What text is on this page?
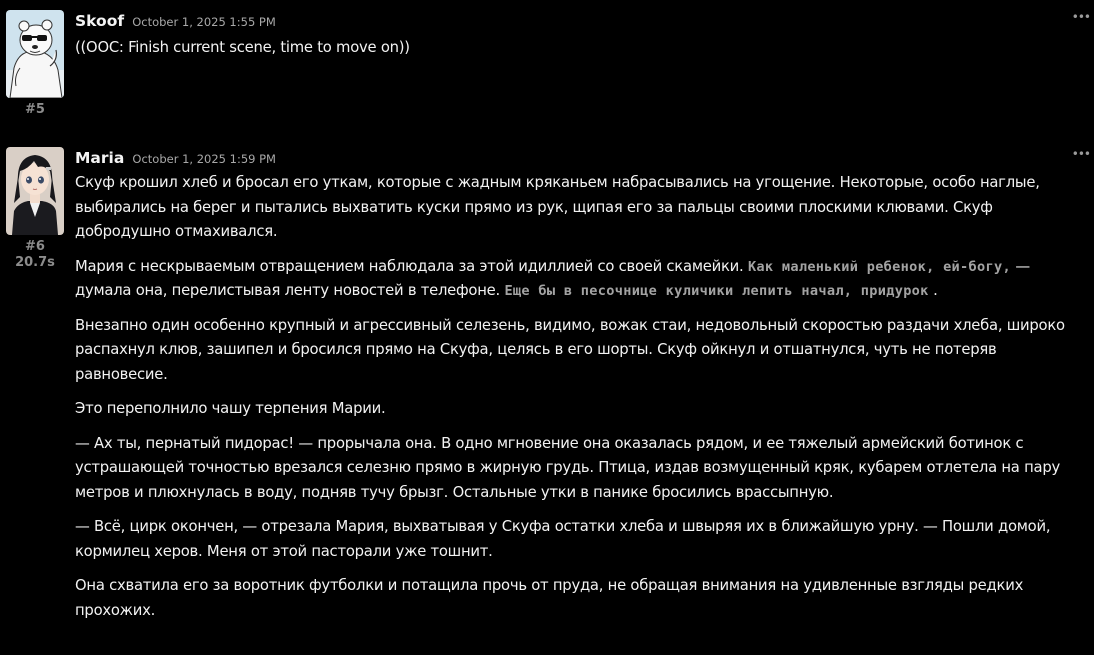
#5
Skoof October 1, 2025 1:55 PM	•••

((OOC: Finish current scene, time to move on))

#6
20.7s
Maria October 1, 2025 1:59 PM	•••

Скуф крошил хлеб и бросал его уткам, которые с жадным кряканьем набрасывались на угощение. Некоторые, особо наглые, выбирались на берег и пытались выхватить куски прямо из рук, щипая его за пальцы своими плоскими клювами. Скуф добродушно отмахивался.

Мария с нескрываемым отвращением наблюдала за этой идиллией со своей скамейки. Как маленький ребенок, ей-богу, — думала она, перелистывая ленту новостей в телефоне. Еще бы в песочнице куличики лепить начал, придурок .

Внезапно один особенно крупный и агрессивный селезень, видимо, вожак стаи, недовольный скоростью раздачи хлеба, широко распахнул клюв, зашипел и бросился прямо на Скуфа, целясь в его шорты. Скуф ойкнул и отшатнулся, чуть не потеряв равновесие.

Это переполнило чашу терпения Марии.

— Ах ты, пернатый пидорас! — прорычала она. В одно мгновение она оказалась рядом, и ее тяжелый армейский ботинок с устрашающей точностью врезался селезню прямо в жирную грудь. Птица, издав возмущенный кряк, кубарем отлетела на пару метров и плюхнулась в воду, подняв тучу брызг. Остальные утки в панике бросились врассыпную.

— Всё, цирк окончен, — отрезала Мария, выхватывая у Скуфа остатки хлеба и швыряя их в ближайшую урну. — Пошли домой, кормилец херов. Меня от этой пасторали уже тошнит.

Она схватила его за воротник футболки и потащила прочь от пруда, не обращая внимания на удивленные взгляды редких прохожих.
